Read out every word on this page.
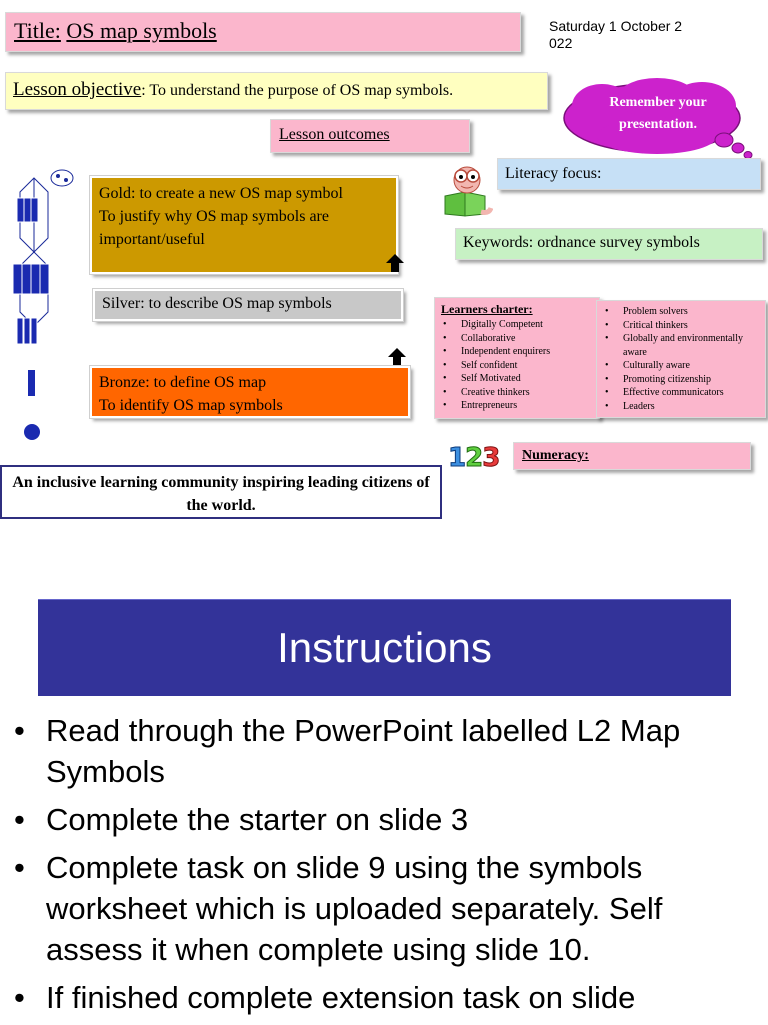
Title: OS map symbols	Saturday 1 October 2
022
Lesson objective: To understand the purpose of OS map symbols.
Remember your presentation.
Lesson outcomes
Literacy focus:
Keywords: ordnance survey symbols
Gold: to create a new OS map symbol
To justify why OS map symbols are important/useful
Silver: to describe OS map symbols
Bronze: to define OS map
To identify OS map symbols
Learners charter:
• Digitally Competent
• Collaborative
• Independent enquirers
• Self confident
• Self Motivated
• Creative thinkers
• Entrepreneurs
• Problem solvers
• Critical thinkers
• Globally and environmentally aware
• Culturally aware
• Promoting citizenship
• Effective communicators
• Leaders
123	Numeracy:
An inclusive learning community inspiring leading citizens of the world.
Instructions
• Read through the PowerPoint labelled L2 Map Symbols
• Complete the starter on slide 3
• Complete task on slide 9 using the symbols worksheet which is uploaded separately. Self assess it when complete using slide 10.
• If finished complete extension task on slide
